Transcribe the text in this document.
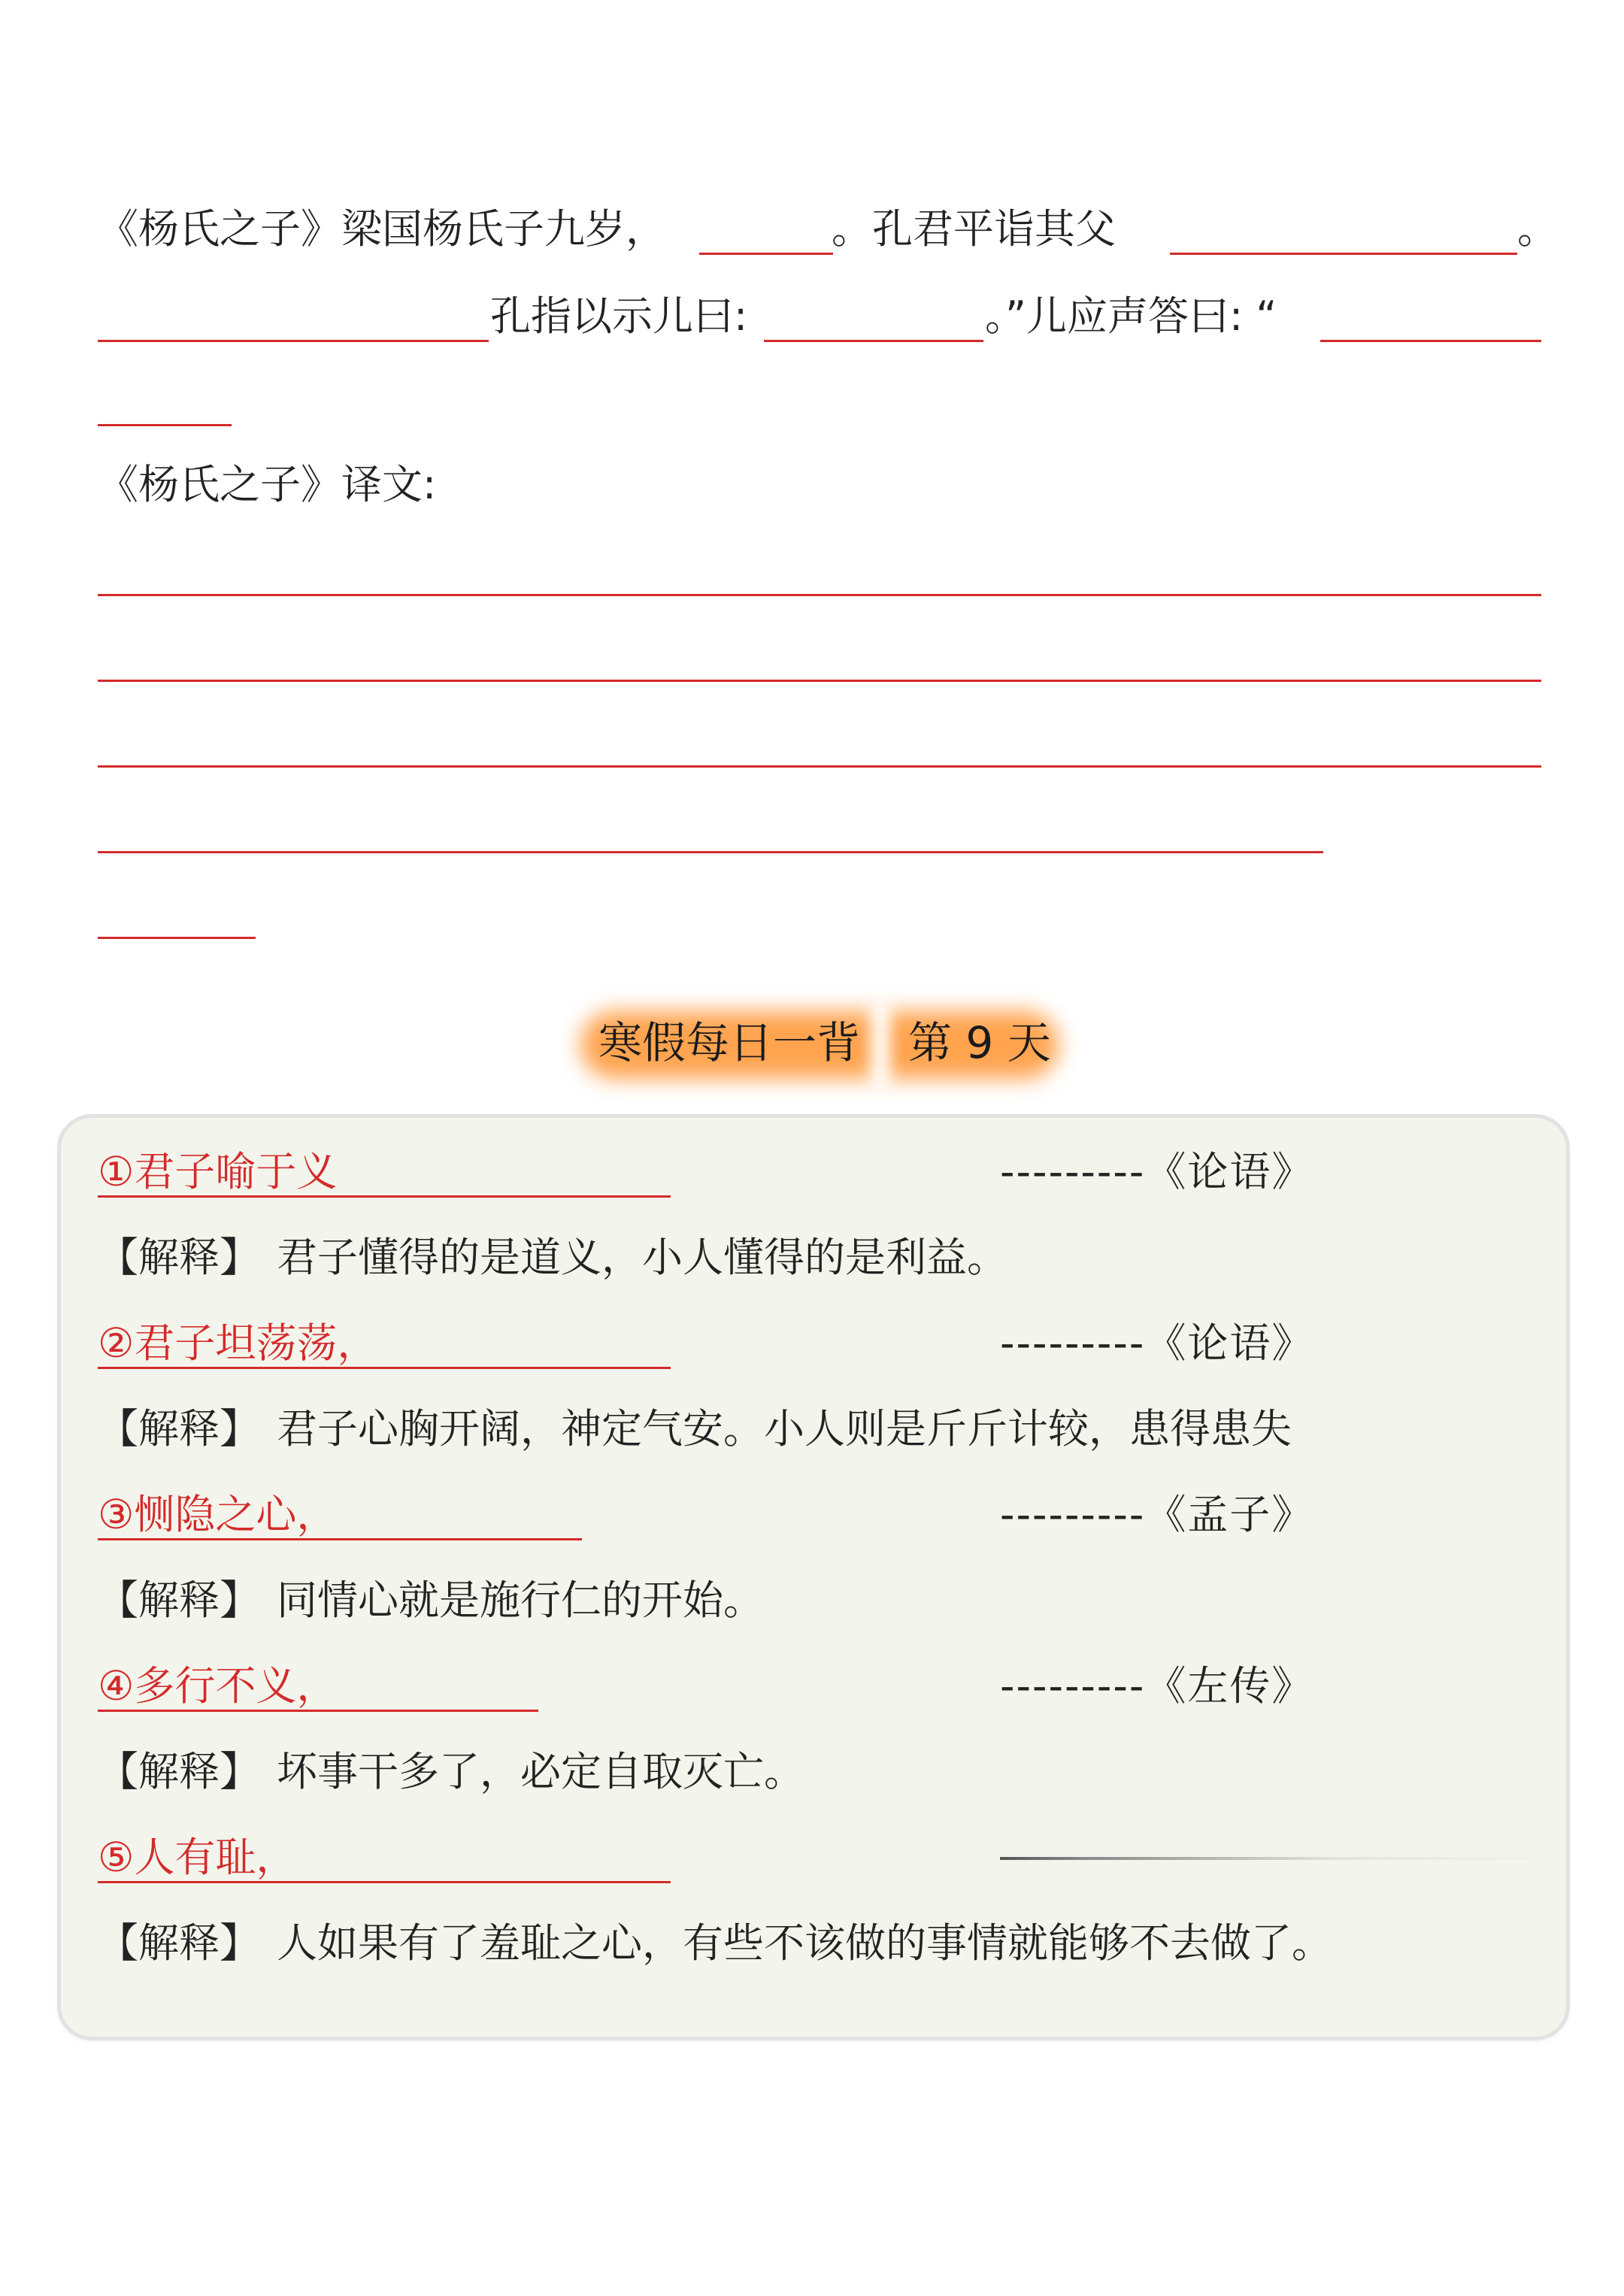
《杨氏之子》梁国杨氏子九岁，	。孔君平诣其父	。
孔指以示儿曰:	。”儿应声答曰: “
《杨氏之子》译文:
寒假每日一背 第 9 天
①君子喻于义	---------《论语》
【解释】 君子懂得的是道义，小人懂得的是利益。
②君子坦荡荡，	---------《论语》
【解释】 君子心胸开阔，神定气安。小人则是斤斤计较，患得患失
③恻隐之心，	---------《孟子》
【解释】 同情心就是施行仁的开始。
④多行不义，	---------《左传》
【解释】 坏事干多了，必定自取灭亡。
⑤人有耻，
【解释】 人如果有了羞耻之心，有些不该做的事情就能够不去做了。
